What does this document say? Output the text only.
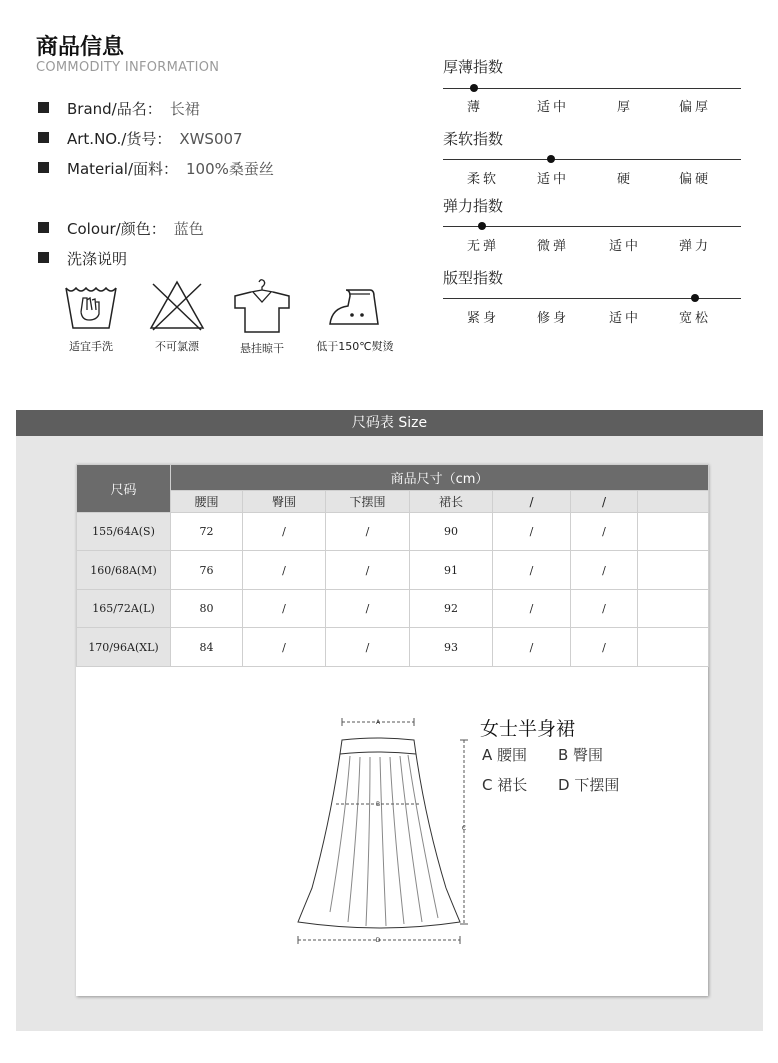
商品信息
COMMODITY INFORMATION
Brand/品名： 长裙
Art.NO./货号： XWS007
Material/面料： 100%桑蚕丝
Colour/颜色： 蓝色
洗涤说明
适宜手洗	不可氯漂	悬挂晾干	低于150℃熨烫
厚薄指数
薄	适中	厚	偏厚
柔软指数
柔软	适中	硬	偏硬
弹力指数
无弹	微弹	适中	弹力
版型指数
紧身	修身	适中	宽松
尺码表 Size
尺码	商品尺寸（cm）						
	腰围	臀围	下摆围	裙长	/	/	
155/64A(S)	72	/	/	90	/	/	
160/68A(M)	76	/	/	91	/	/	
165/72A(L)	80	/	/	92	/	/	
170/96A(XL)	84	/	/	93	/	/	
A
B
C
D
女士半身裙
A 腰围 B 臀围
C 裙长 D 下摆围
